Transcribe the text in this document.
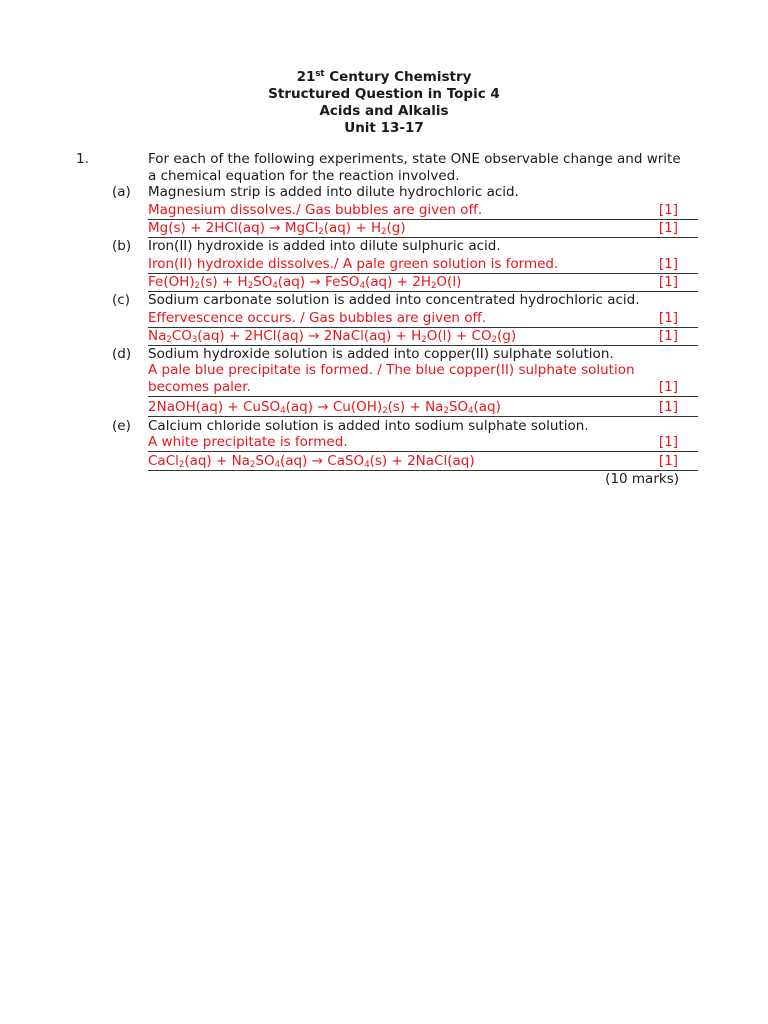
21st Century Chemistry
Structured Question in Topic 4
Acids and Alkalis
Unit 13-17
1.	For each of the following experiments, state ONE observable change and write a chemical equation for the reaction involved.
(a) Magnesium strip is added into dilute hydrochloric acid.
Magnesium dissolves./ Gas bubbles are given off.	[1]
Mg(s) + 2HCl(aq) → MgCl$_2$(aq) + $H_2(g)$	[1]
(b) Iron(II) hydroxide is added into dilute sulphuric acid.
Iron(II) hydroxide dissolves./ A pale green solution is formed.	[1]
$Fe(OH)_2(s) + H_2SO_4(aq)$ → FeSO$_4$(aq) + $2H_2O(l)$	[1]
(c) Sodium carbonate solution is added into concentrated hydrochloric acid.
Effervescence occurs. / Gas bubbles are given off.	[1]
$Na_2CO_3(aq) + 2HCl(aq)$ → 2NaCl(aq) + $H_2O(l) + CO_2(g)$	[1]
(d) Sodium hydroxide solution is added into copper(II) sulphate solution.
A pale blue precipitate is formed. / The blue copper(II) sulphate solution becomes paler.	[1]
2NaOH(aq) + CuSO$_4$(aq) → $Cu(OH)_2(s) + Na_2SO_4(aq)$	[1]
(e) Calcium chloride solution is added into sodium sulphate solution.
A white precipitate is formed.	[1]
CaCl$_2$(aq) + $Na_2SO_4(aq)$ → CaSO$_4$(s) + 2NaCl(aq)	[1]
(10 marks)
